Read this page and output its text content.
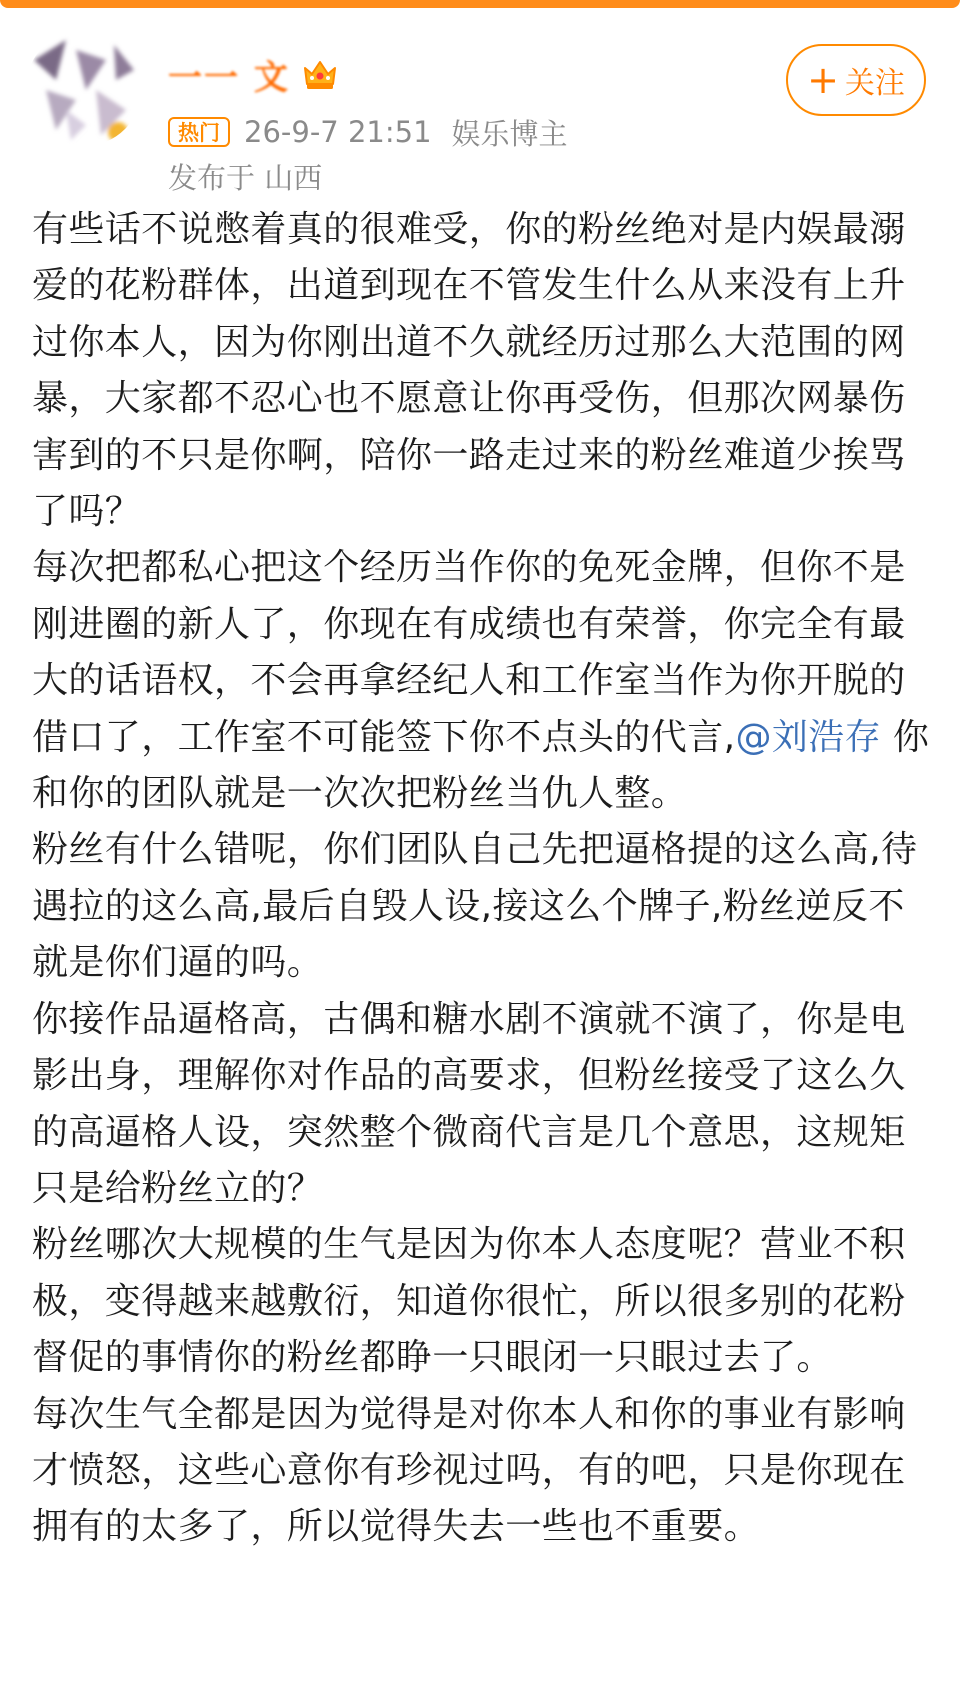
一一 文
热门 26-9-7 21:51 娱乐博主
发布于 山西
+ 关注

有些话不说憋着真的很难受，你的粉丝绝对是内娱最溺爱的花粉群体，出道到现在不管发生什么从来没有上升过你本人，因为你刚出道不久就经历过那么大范围的网暴，大家都不忍心也不愿意让你再受伤，但那次网暴伤害到的不只是你啊，陪你一路走过来的粉丝难道少挨骂了吗？

每次把都私心把这个经历当作你的免死金牌，但你不是刚进圈的新人了，你现在有成绩也有荣誉，你完全有最大的话语权，不会再拿经纪人和工作室当作为你开脱的借口了，工作室不可能签下你不点头的代言,@刘浩存 你和你的团队就是一次次把粉丝当仇人整。

粉丝有什么错呢，你们团队自己先把逼格提的这么高,待遇拉的这么高,最后自毁人设,接这么个牌子,粉丝逆反不就是你们逼的吗。

你接作品逼格高，古偶和糖水剧不演就不演了，你是电影出身，理解你对作品的高要求，但粉丝接受了这么久的高逼格人设，突然整个微商代言是几个意思，这规矩只是给粉丝立的？

粉丝哪次大规模的生气是因为你本人态度呢？营业不积极，变得越来越敷衍，知道你很忙，所以很多别的花粉督促的事情你的粉丝都睁一只眼闭一只眼过去了。

每次生气全都是因为觉得是对你本人和你的事业有影响才愤怒，这些心意你有珍视过吗，有的吧，只是你现在拥有的太多了，所以觉得失去一些也不重要。
